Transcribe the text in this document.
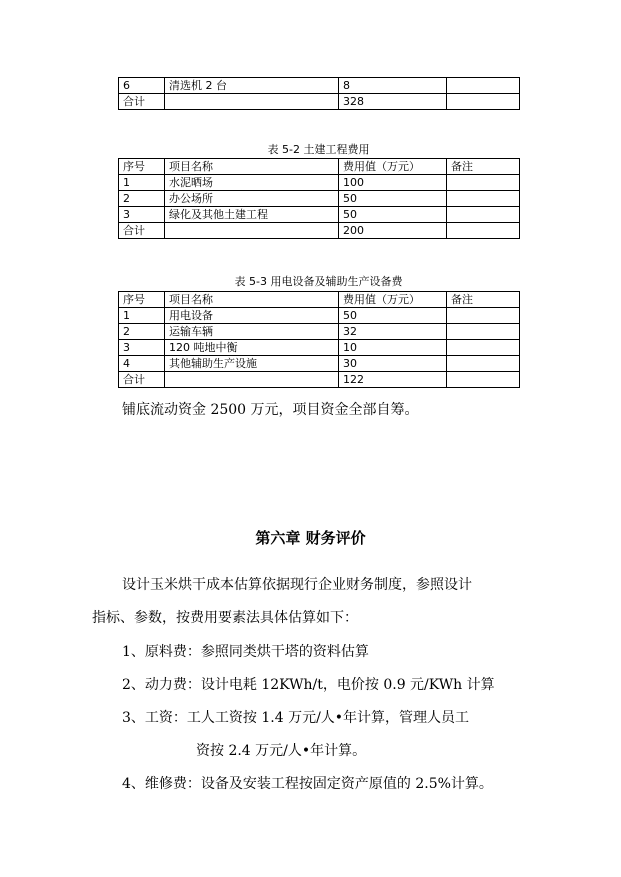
6	清选机 2 台	8	
合计		328	
表 5-2 土建工程费用
序号	项目名称	费用值（万元）	备注
1	水泥晒场	100	
2	办公场所	50	
3	绿化及其他土建工程	50	
合计		200	
表 5-3 用电设备及辅助生产设备费
序号	项目名称	费用值（万元）	备注
1	用电设备	50	
2	运输车辆	32	
3	120 吨地中衡	10	
4	其他辅助生产设施	30	
合计		122	
铺底流动资金 2500 万元，项目资金全部自筹。
第六章 财务评价
设计玉米烘干成本估算依据现行企业财务制度，参照设计
指标、参数，按费用要素法具体估算如下：
1、原料费：参照同类烘干塔的资料估算
2、动力费：设计电耗 12KWh/t，电价按 0.9 元/KWh 计算
3、工资：工人工资按 1.4 万元/人•年计算，管理人员工
资按 2.4 万元/人•年计算。
4、维修费：设备及安装工程按固定资产原值的 2.5%计算。
